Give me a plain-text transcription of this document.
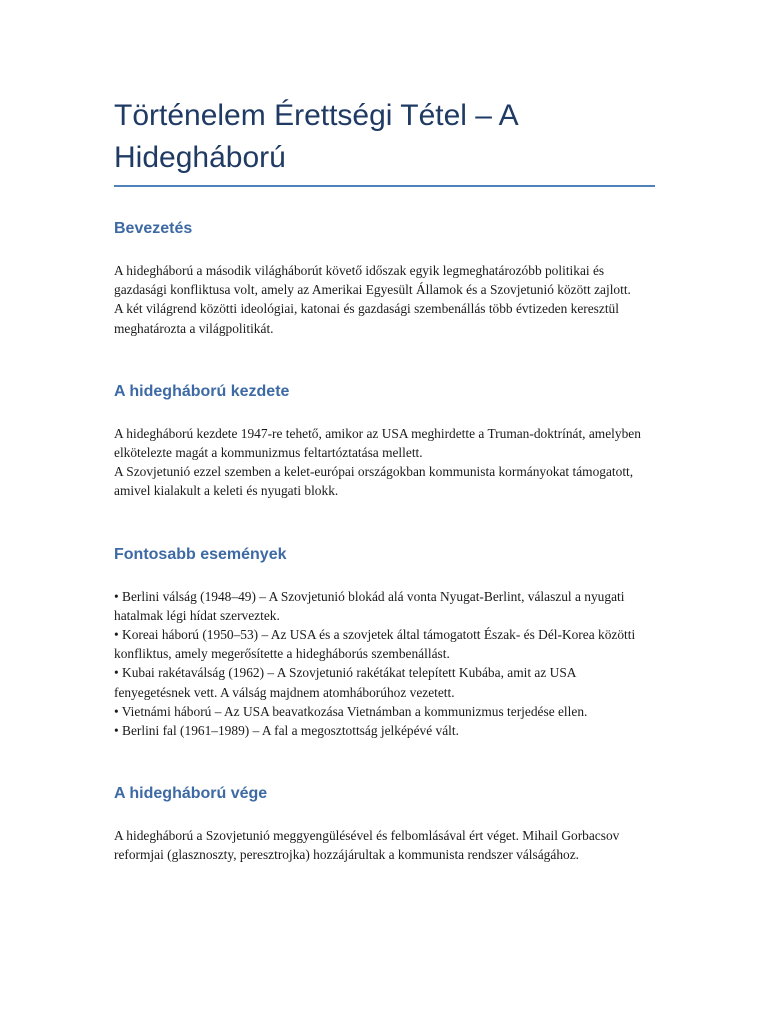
Történelem Érettségi Tétel – A Hidegháború
Bevezetés

A hidegháború a második világháborút követő időszak egyik legmeghatározóbb politikai és gazdasági konfliktusa volt, amely az Amerikai Egyesült Államok és a Szovjetunió között zajlott.

A két világrend közötti ideológiai, katonai és gazdasági szembenállás több évtizeden keresztül meghatározta a világpolitikát.

A hidegháború kezdete

A hidegháború kezdete 1947-re tehető, amikor az USA meghirdette a Truman-doktrínát, amelyben elkötelezte magát a kommunizmus feltartóztatása mellett.

A Szovjetunió ezzel szemben a kelet-európai országokban kommunista kormányokat támogatott, amivel kialakult a keleti és nyugati blokk.

Fontosabb események

• Berlini válság (1948–49) – A Szovjetunió blokád alá vonta Nyugat-Berlint, válaszul a nyugati hatalmak légi hídat szerveztek.

• Koreai háború (1950–53) – Az USA és a szovjetek által támogatott Észak- és Dél-Korea közötti konfliktus, amely megerősítette a hidegháborús szembenállást.

• Kubai rakétaválság (1962) – A Szovjetunió rakétákat telepített Kubába, amit az USA fenyegetésnek vett. A válság majdnem atomháborúhoz vezetett.

• Vietnámi háború – Az USA beavatkozása Vietnámban a kommunizmus terjedése ellen.

• Berlini fal (1961–1989) – A fal a megosztottság jelképévé vált.

A hidegháború vége

A hidegháború a Szovjetunió meggyengülésével és felbomlásával ért véget. Mihail Gorbacsov reformjai (glasznoszty, peresztrojka) hozzájárultak a kommunista rendszer válságához.
